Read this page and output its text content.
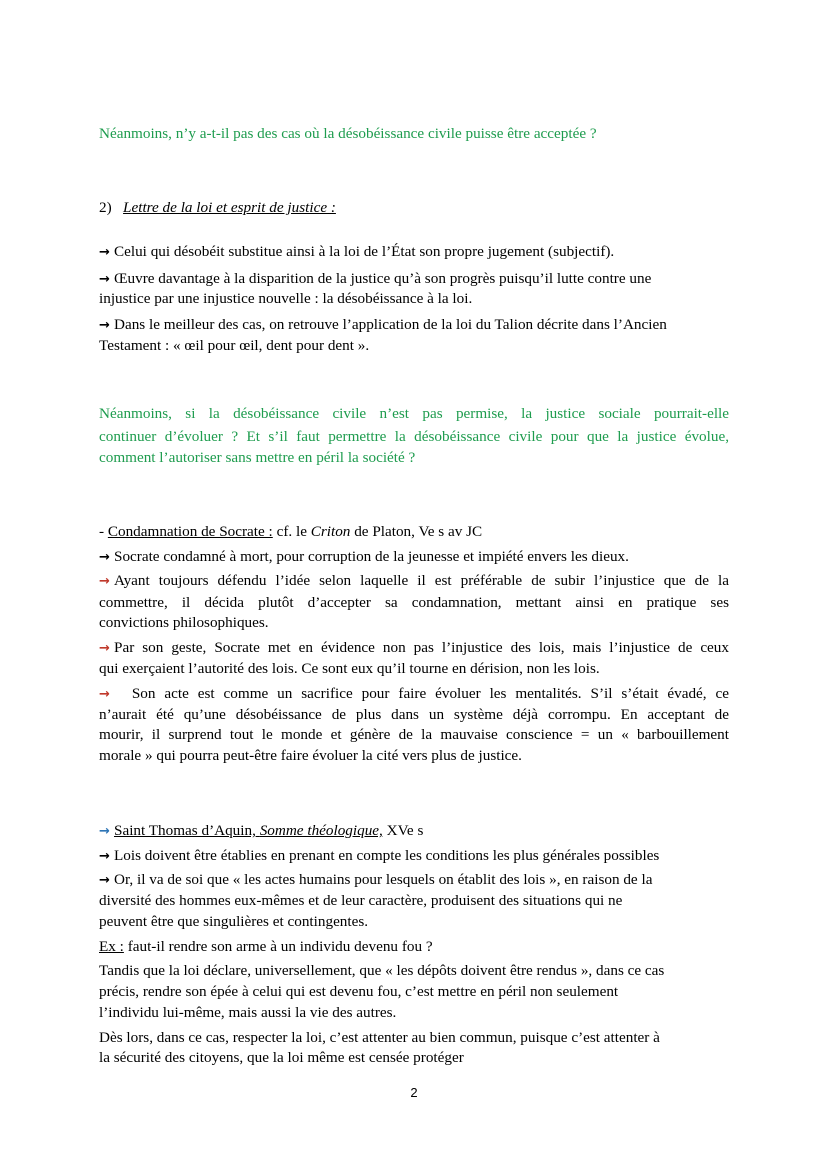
Néanmoins, n’y a-t-il pas des cas où la désobéissance civile puisse être acceptée ?
2) Lettre de la loi et esprit de justice :
→ Celui qui désobéit substitue ainsi à la loi de l’État son propre jugement (subjectif).
→ Œuvre davantage à la disparition de la justice qu’à son progrès puisqu’il lutte contre une
injustice par une injustice nouvelle : la désobéissance à la loi.
→ Dans le meilleur des cas, on retrouve l’application de la loi du Talion décrite dans l’Ancien
Testament : « œil pour œil, dent pour dent ».
Néanmoins, si la désobéissance civile n’est pas permise, la justice sociale pourrait-elle
continuer d’évoluer ? Et s’il faut permettre la désobéissance civile pour que la justice évolue,
comment l’autoriser sans mettre en péril la société ?
- Condamnation de Socrate : cf. le Criton de Platon, Ve s av JC
→ Socrate condamné à mort, pour corruption de la jeunesse et impiété envers les dieux.
→ Ayant toujours défendu l’idée selon laquelle il est préférable de subir l’injustice que de la
commettre, il décida plutôt d’accepter sa condamnation, mettant ainsi en pratique ses
convictions philosophiques.
→ Par son geste, Socrate met en évidence non pas l’injustice des lois, mais l’injustice de ceux
qui exerçaient l’autorité des lois. Ce sont eux qu’il tourne en dérision, non les lois.
→ Son acte est comme un sacrifice pour faire évoluer les mentalités. S’il s’était évadé, ce
n’aurait été qu’une désobéissance de plus dans un système déjà corrompu. En acceptant de
mourir, il surprend tout le monde et génère de la mauvaise conscience = un « barbouillement
morale » qui pourra peut-être faire évoluer la cité vers plus de justice.
→ Saint Thomas d’Aquin, Somme théologique, XVe s
→ Lois doivent être établies en prenant en compte les conditions les plus générales possibles
→ Or, il va de soi que « les actes humains pour lesquels on établit des lois », en raison de la
diversité des hommes eux-mêmes et de leur caractère, produisent des situations qui ne
peuvent être que singulières et contingentes.
Ex : faut-il rendre son arme à un individu devenu fou ?
Tandis que la loi déclare, universellement, que « les dépôts doivent être rendus », dans ce cas
précis, rendre son épée à celui qui est devenu fou, c’est mettre en péril non seulement
l’individu lui-même, mais aussi la vie des autres.
Dès lors, dans ce cas, respecter la loi, c’est attenter au bien commun, puisque c’est attenter à
la sécurité des citoyens, que la loi même est censée protéger
2
